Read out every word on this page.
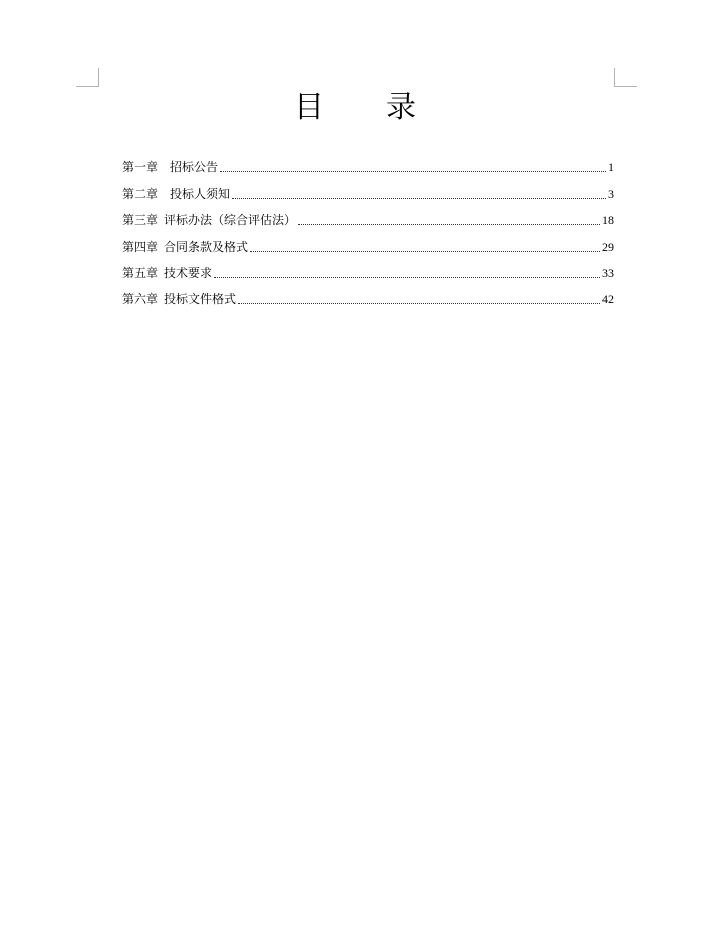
目 录
第一章 招标公告	1
第二章 投标人须知	3
第三章 评标办法（综合评估法）	18
第四章 合同条款及格式	29
第五章 技术要求	33
第六章 投标文件格式	42
